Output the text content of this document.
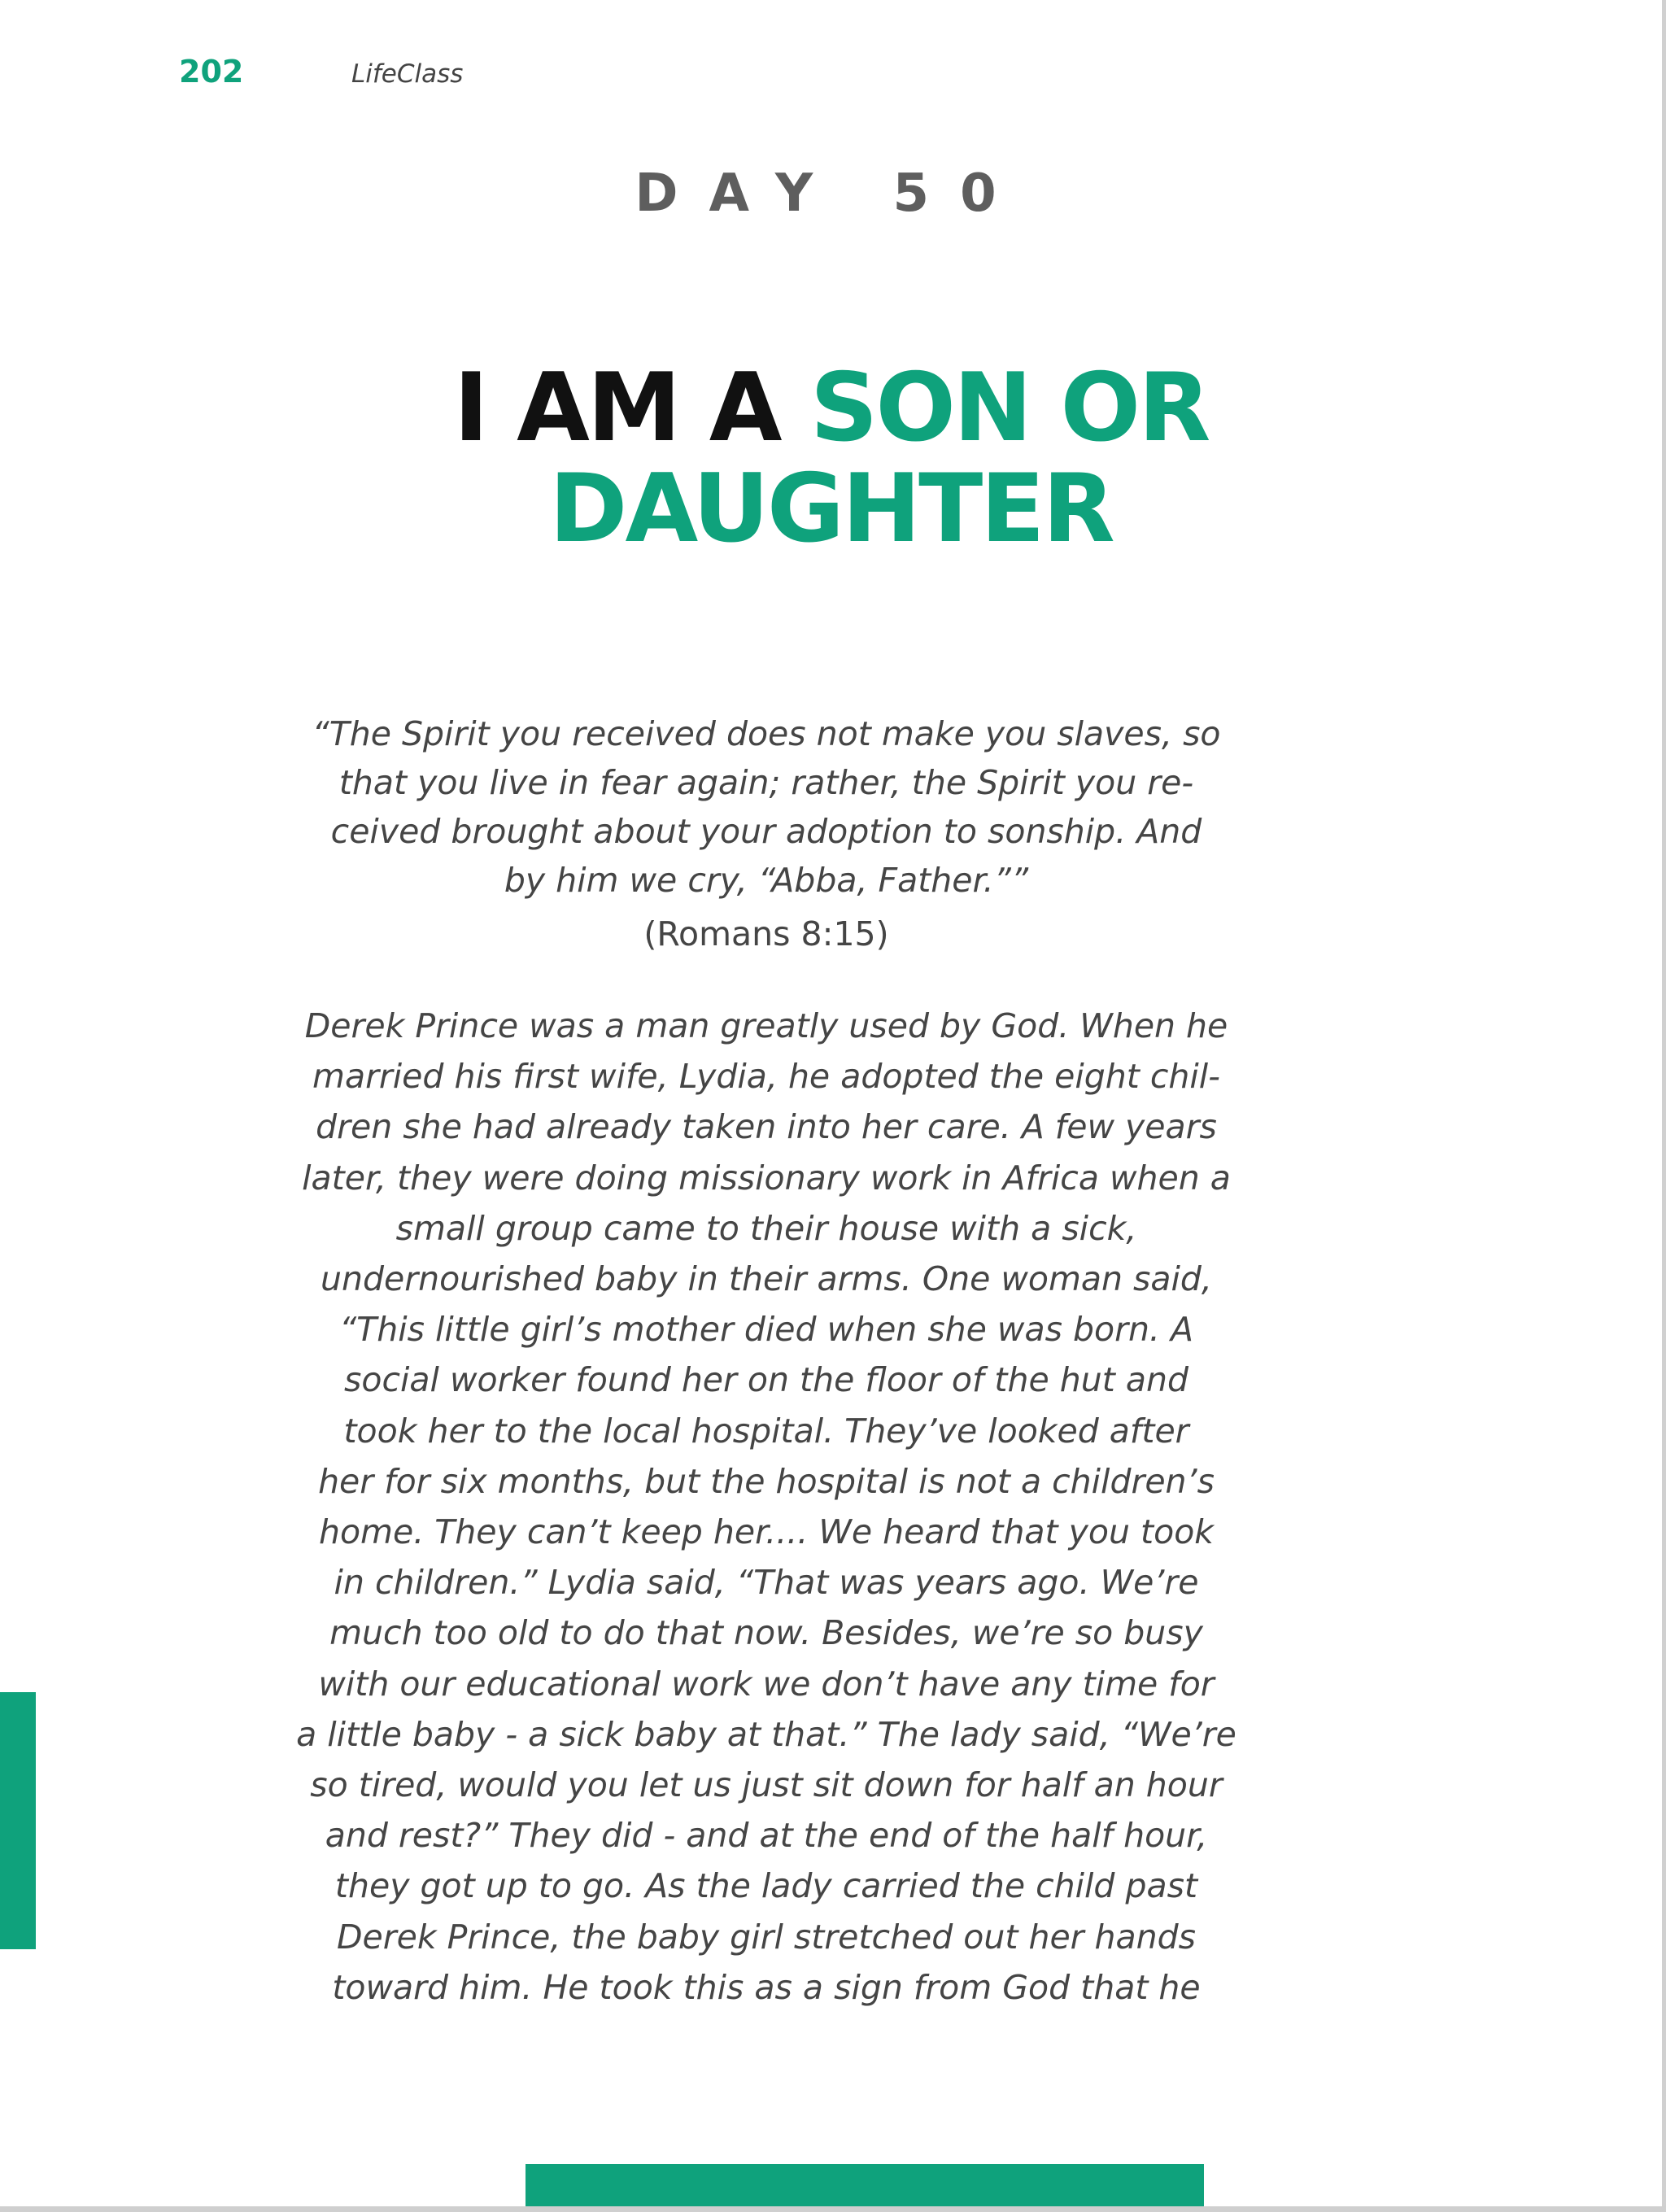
202	LifeClass
DAY 50
I AM A SON OR
DAUGHTER
“The Spirit you received does not make you slaves, so
that you live in fear again; rather, the Spirit you re-
ceived brought about your adoption to sonship. And
by him we cry, “Abba, Father.””
(Romans 8:15)
Derek Prince was a man greatly used by God. When he
married his first wife, Lydia, he adopted the eight chil-
dren she had already taken into her care. A few years
later, they were doing missionary work in Africa when a
small group came to their house with a sick,
undernourished baby in their arms. One woman said,
“This little girl’s mother died when she was born. A
social worker found her on the floor of the hut and
took her to the local hospital. They’ve looked after
her for six months, but the hospital is not a children’s
home. They can’t keep her.... We heard that you took
in children.” Lydia said, “That was years ago. We’re
much too old to do that now. Besides, we’re so busy
with our educational work we don’t have any time for
a little baby - a sick baby at that.” The lady said, “We’re
so tired, would you let us just sit down for half an hour
and rest?” They did - and at the end of the half hour,
they got up to go. As the lady carried the child past
Derek Prince, the baby girl stretched out her hands
toward him. He took this as a sign from God that he
